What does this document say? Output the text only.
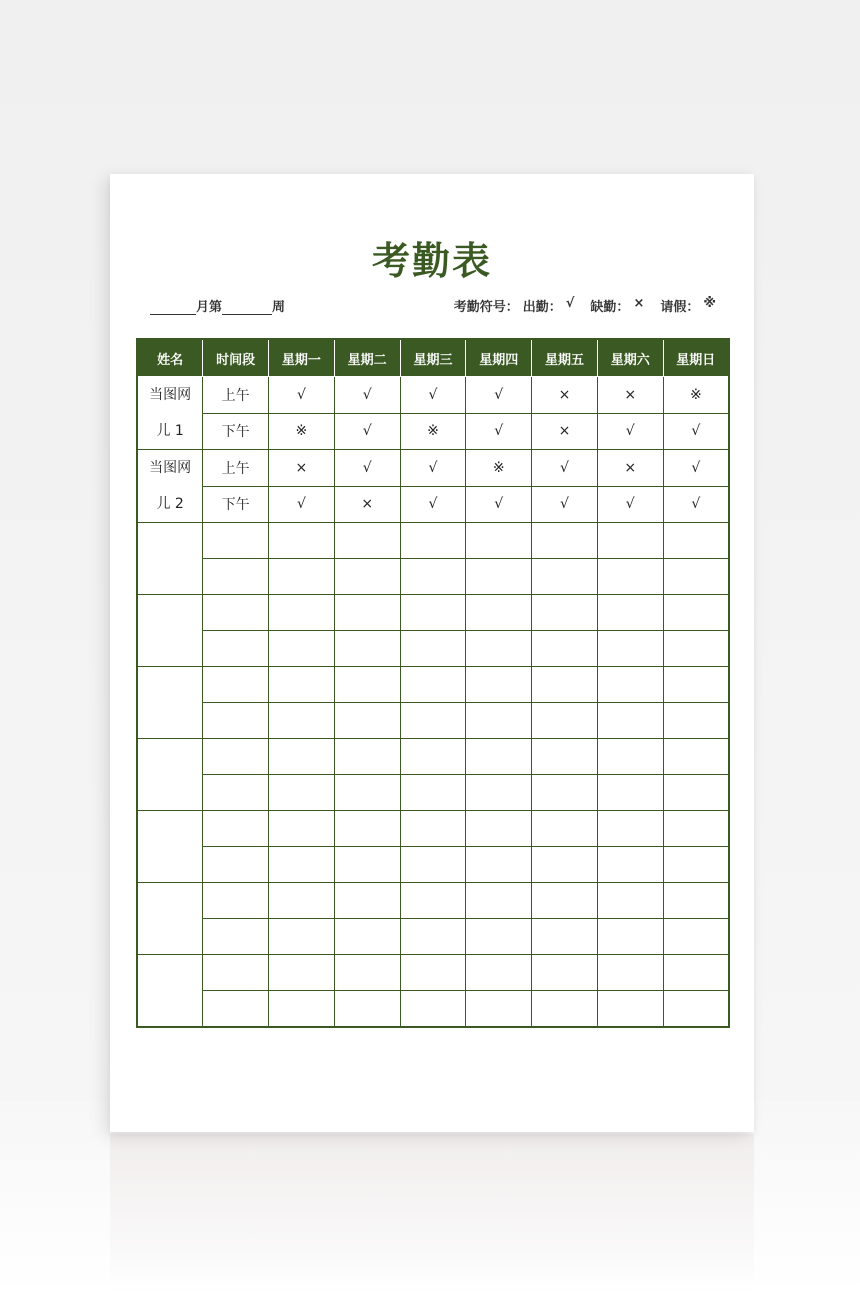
考勤表
月第	周	考勤符号： 出勤： √ 缺勤： × 请假： ※
姓名	时间段	星期一	星期二	星期三	星期四	星期五	星期六	星期日

当图网
儿 1	上午	√	√	√	√	×	×	※
	下午	※	√	※	√	×	√	√

当图网
儿 2	上午	×	√	√	※	√	×	√
	下午	√	×	√	√	√	√	√
